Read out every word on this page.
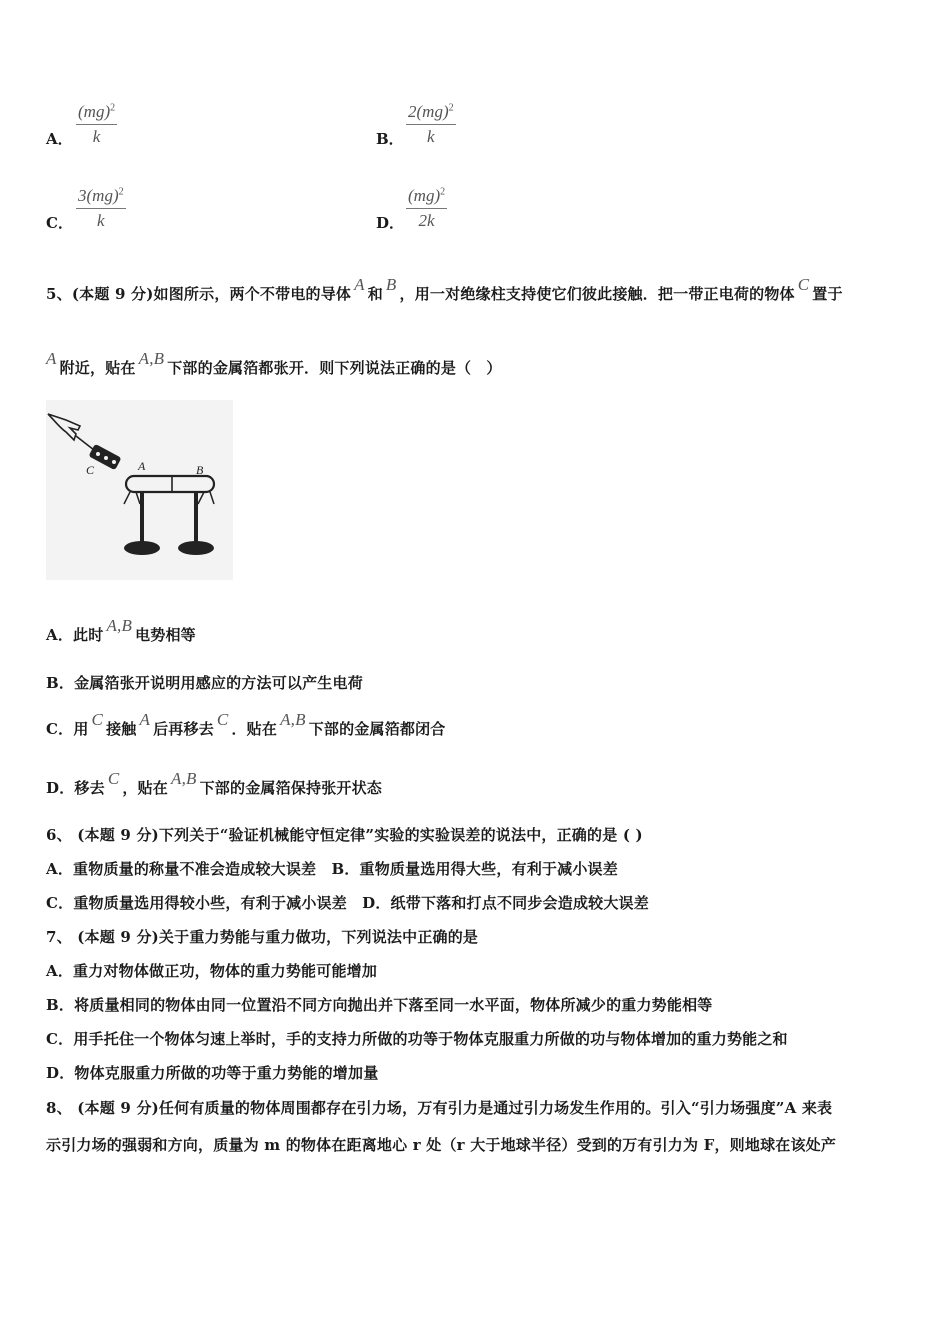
A． $\frac{(mg)^2}{k}$	B． $\frac{2(mg)^2}{k}$
C． $\frac{3(mg)^2}{k}$	D． $\frac{(mg)^2}{2k}$
5、(本题 9 分)如图所示，两个不带电的导体 A 和 B ，用一对绝缘柱支持使它们彼此接触．把一带正电荷的物体 C 置于
A 附近，贴在 A,B 下部的金属箔都张开．则下列说法正确的是（　）
C	A	B
A．此时 A,B 电势相等
B．金属箔张开说明用感应的方法可以产生电荷
C．用 C 接触 A 后再移去 C ．贴在 A,B 下部的金属箔都闭合
D．移去 C ，贴在 A,B 下部的金属箔保持张开状态
6、 (本题 9 分)下列关于“验证机械能守恒定律”实验的实验误差的说法中，正确的是 ( )
A．重物质量的称量不准会造成较大误差　B．重物质量选用得大些，有利于减小误差
C．重物质量选用得较小些，有利于减小误差　D．纸带下落和打点不同步会造成较大误差
7、 (本题 9 分)关于重力势能与重力做功，下列说法中正确的是
A．重力对物体做正功，物体的重力势能可能增加
B．将质量相同的物体由同一位置沿不同方向抛出并下落至同一水平面，物体所减少的重力势能相等
C．用手托住一个物体匀速上举时，手的支持力所做的功等于物体克服重力所做的功与物体增加的重力势能之和
D．物体克服重力所做的功等于重力势能的增加量
8、 (本题 9 分)任何有质量的物体周围都存在引力场，万有引力是通过引力场发生作用的。引入“引力场强度”A 来表
示引力场的强弱和方向，质量为 m 的物体在距离地心 r 处（r 大于地球半径）受到的万有引力为 F，则地球在该处产
